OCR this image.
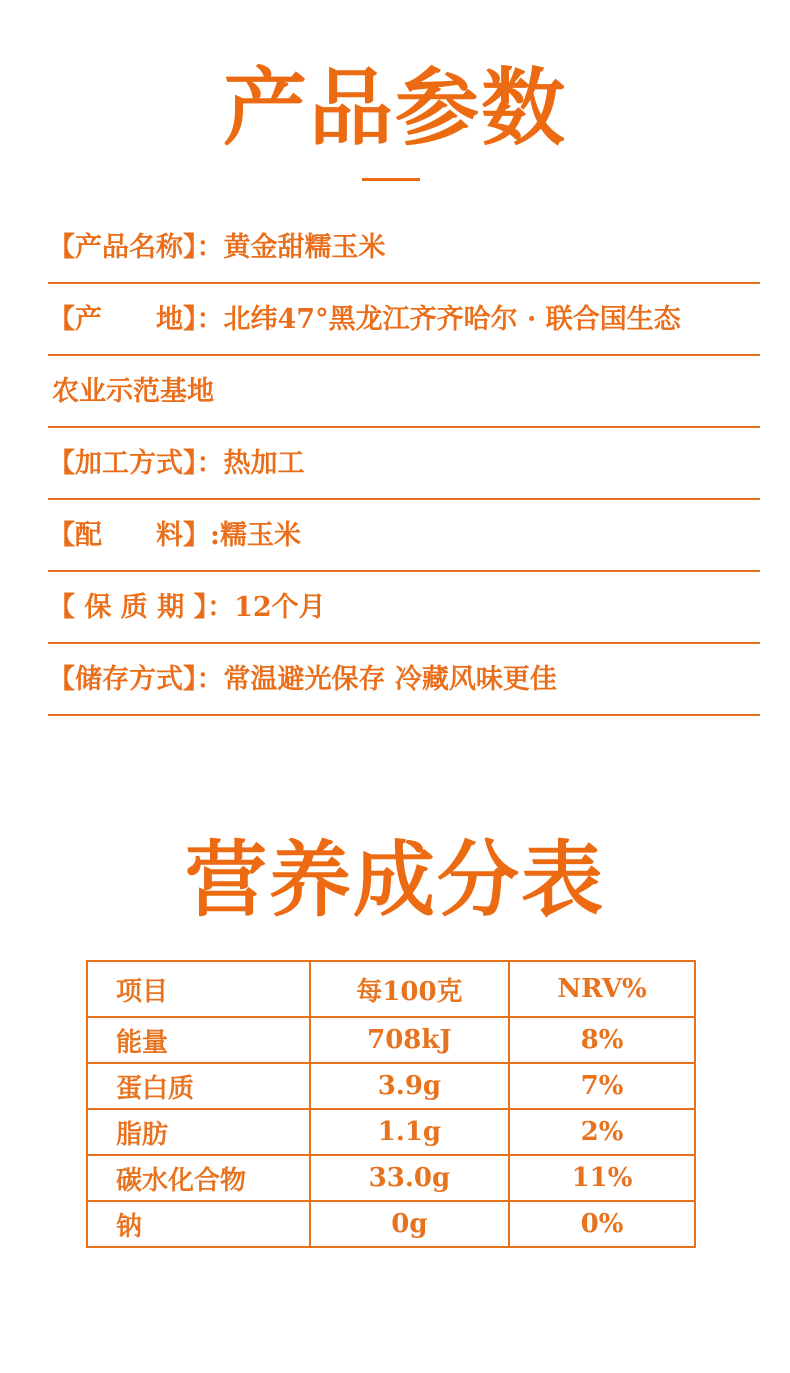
产品参数
【产品名称】：黄金甜糯玉米
【产　　地】：北纬47°黑龙江齐齐哈尔 · 联合国生态
农业示范基地
【加工方式】：热加工
【配　　料】:糯玉米
【 保 质 期 】：12个月
【储存方式】：常温避光保存 冷藏风味更佳
营养成分表
项目	每100克	NRV%
能量	708kJ	8%
蛋白质	3.9g	7%
脂肪	1.1g	2%
碳水化合物	33.0g	11%
钠	0g	0%
